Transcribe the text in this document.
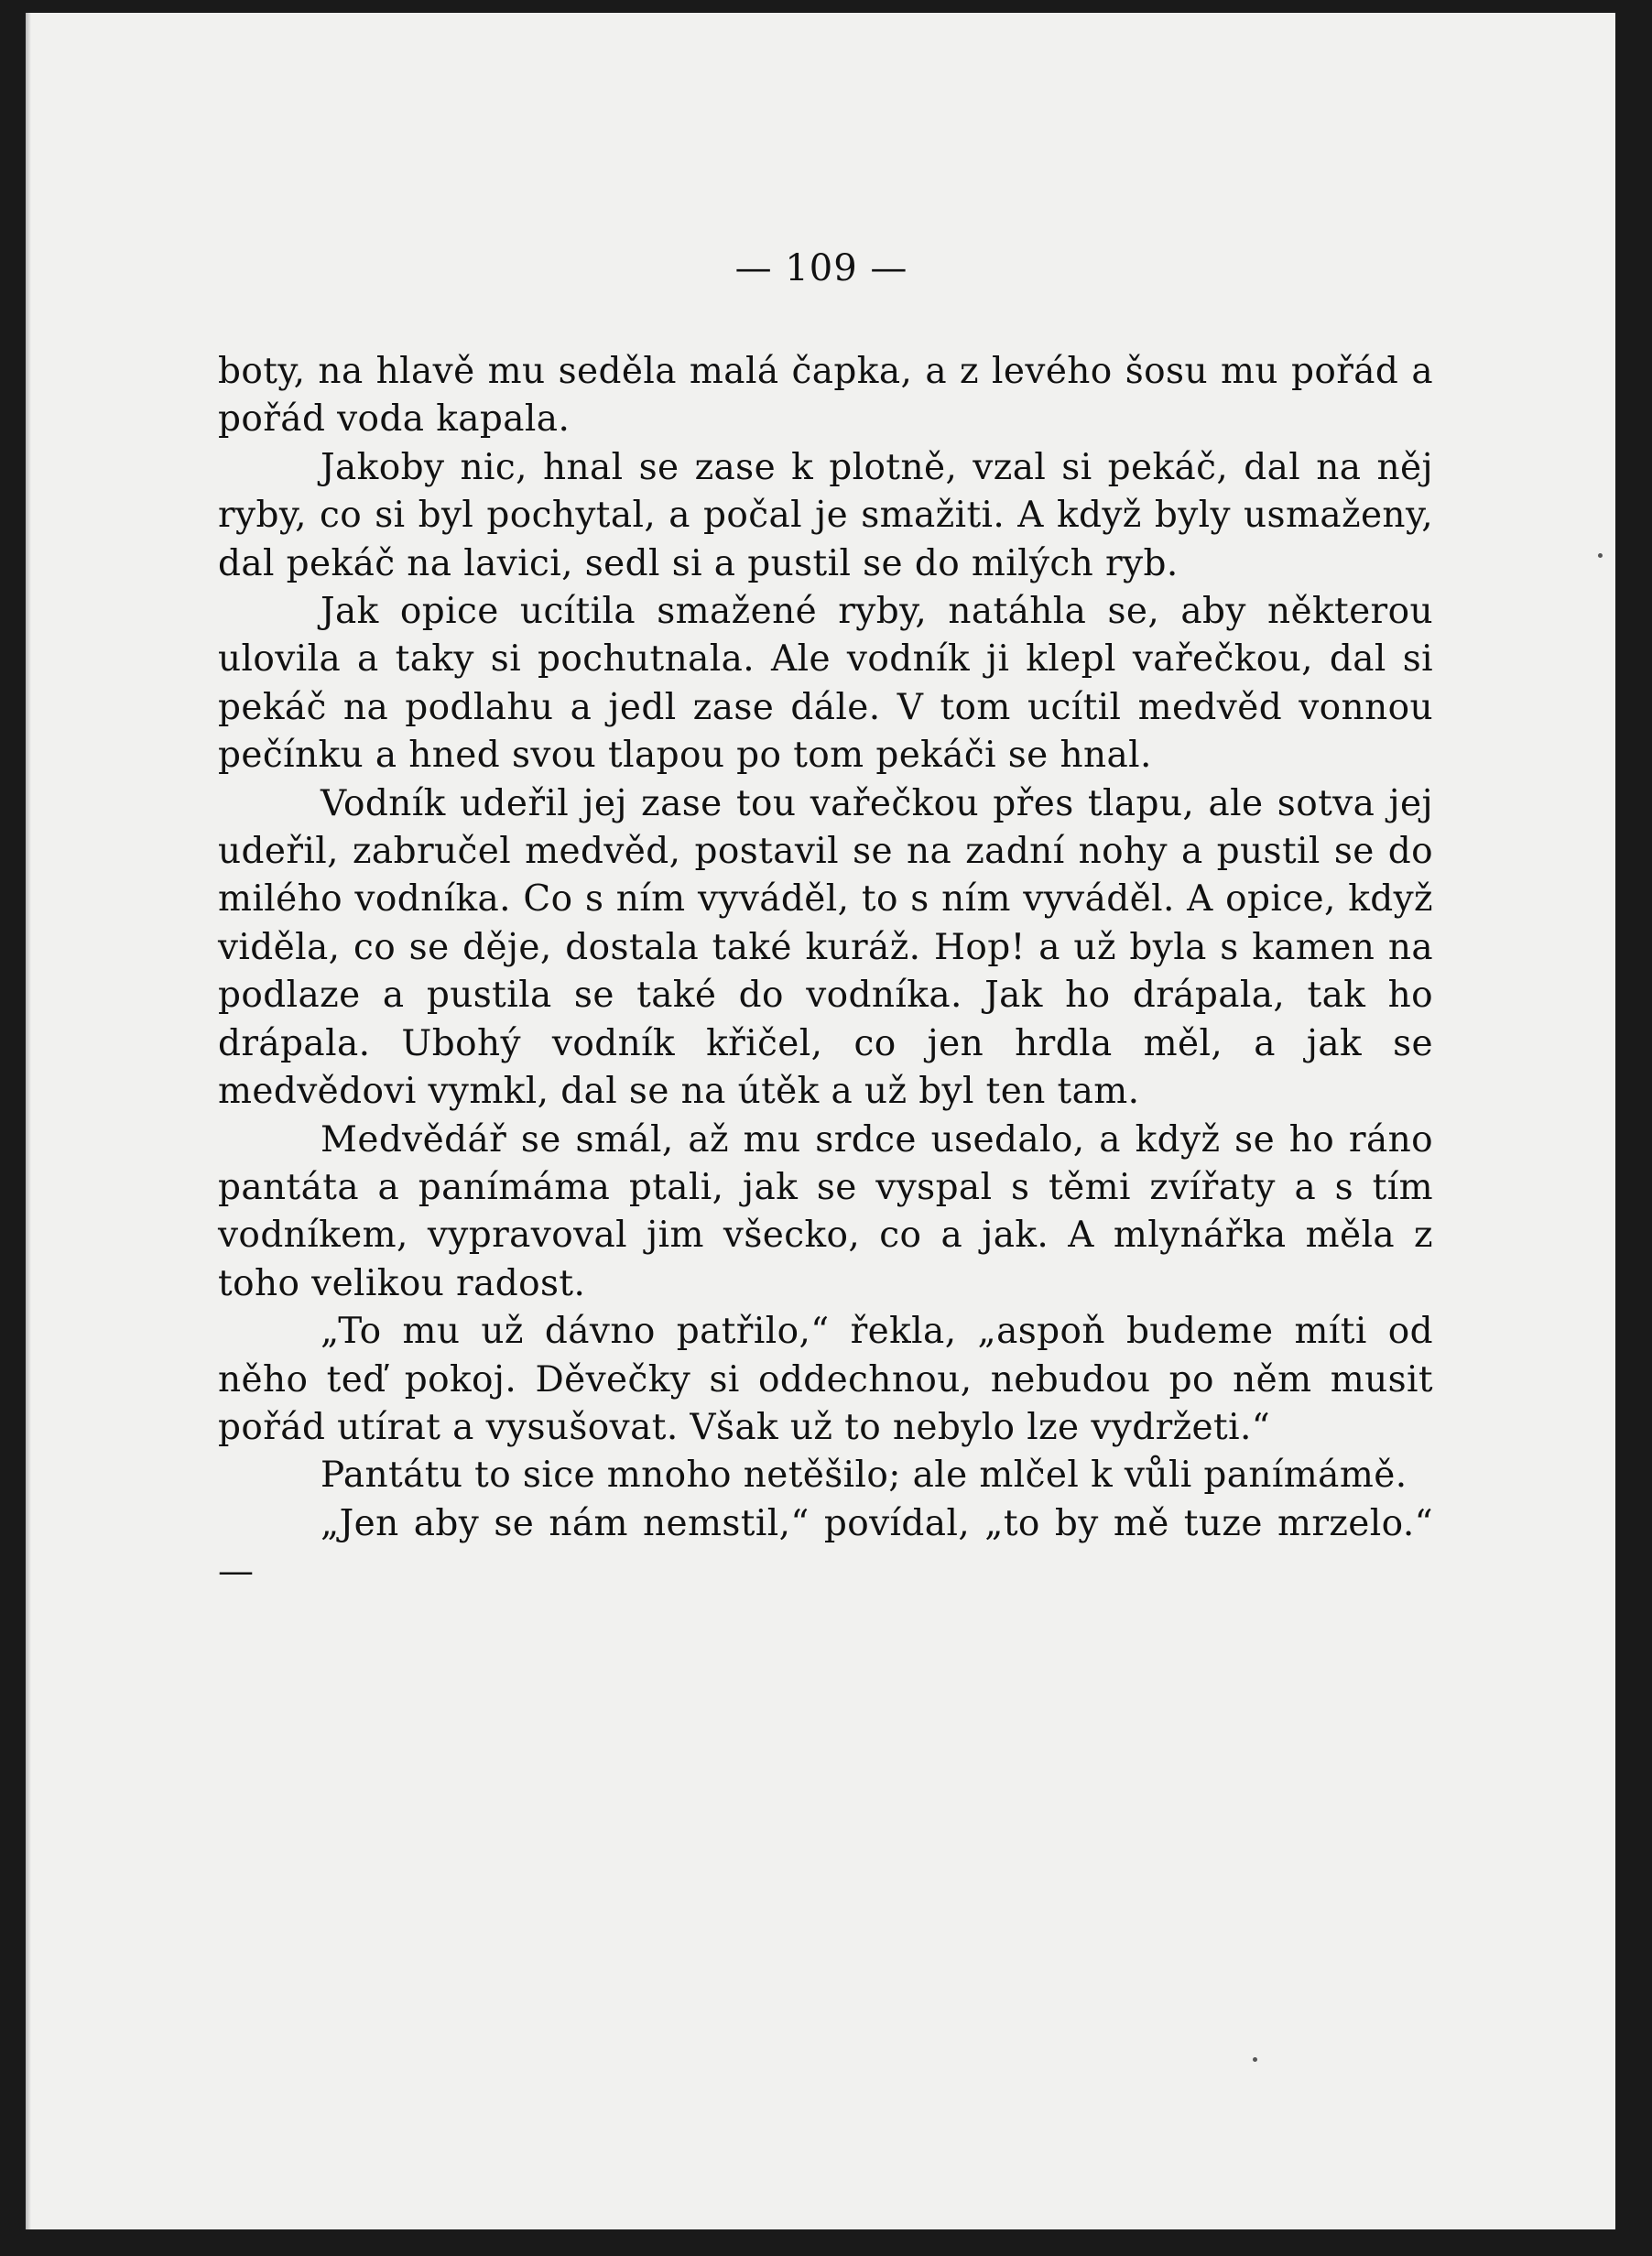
— 109 —

boty, na hlavě mu seděla malá čapka, a z levého šosu mu pořád a pořád voda kapala.

Jakoby nic, hnal se zase k plotně, vzal si pekáč, dal na něj ryby, co si byl pochytal, a počal je smažiti. A když byly usmaženy, dal pekáč na lavici, sedl si a pustil se do milých ryb.

Jak opice ucítila smažené ryby, natáhla se, aby některou ulovila a taky si pochutnala. Ale vodník ji klepl vařečkou, dal si pekáč na podlahu a jedl zase dále. V tom ucítil medvěd vonnou pečínku a hned svou tlapou po tom pekáči se hnal.

Vodník udeřil jej zase tou vařečkou přes tlapu, ale sotva jej udeřil, zabručel medvěd, postavil se na zadní nohy a pustil se do milého vodníka. Co s ním vyváděl, to s ním vyváděl. A opice, když viděla, co se děje, dostala také kuráž. Hop! a už byla s kamen na podlaze a pustila se také do vodníka. Jak ho drápala, tak ho drápala. Ubohý vodník křičel, co jen hrdla měl, a jak se medvědovi vymkl, dal se na útěk a už byl ten tam.

Medvědář se smál, až mu srdce usedalo, a když se ho ráno pantáta a panímáma ptali, jak se vyspal s těmi zvířaty a s tím vodníkem, vypravoval jim všecko, co a jak. A mlynářka měla z toho velikou radost.

„To mu už dávno patřilo,“ řekla, „aspoň budeme míti od něho teď pokoj. Děvečky si oddechnou, nebudou po něm musit pořád utírat a vysušovat. Však už to nebylo lze vydržeti.“

Pantátu to sice mnoho netěšilo; ale mlčel k vůli panímámě.

„Jen aby se nám nemstil,“ povídal, „to by mě tuze mrzelo.“ —
